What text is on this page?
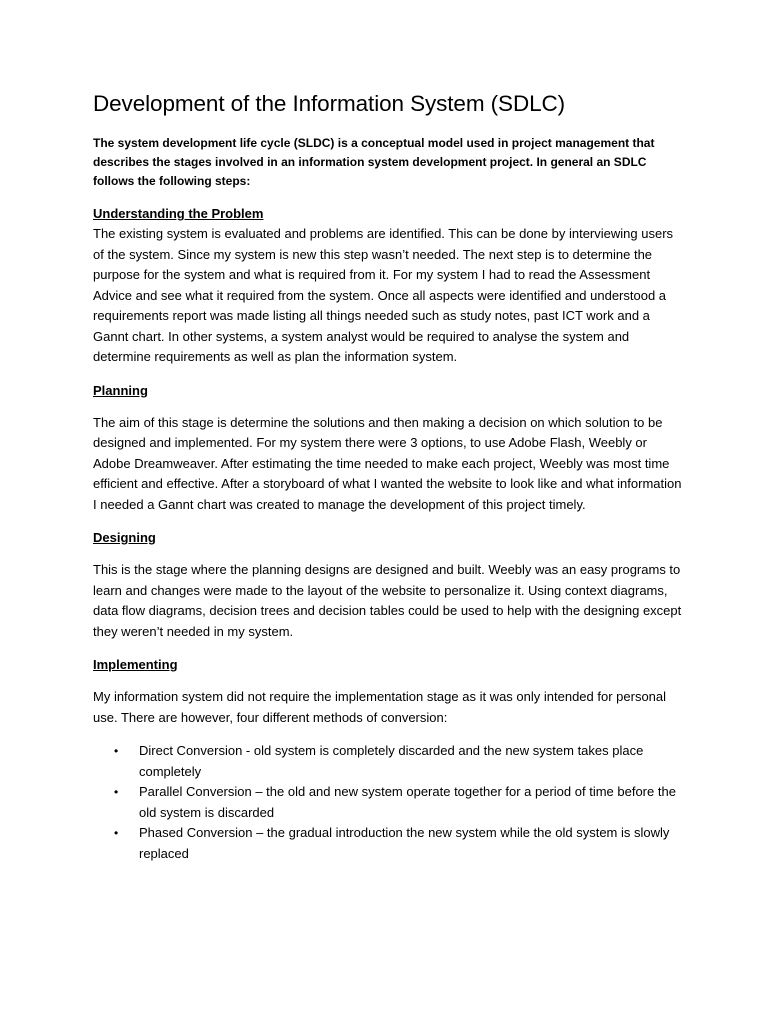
Development of the Information System (SDLC)

The system development life cycle (SLDC) is a conceptual model used in project management that describes the stages involved in an information system development project. In general an SDLC follows the following steps:

Understanding the Problem

The existing system is evaluated and problems are identified. This can be done by interviewing users of the system. Since my system is new this step wasn’t needed. The next step is to determine the purpose for the system and what is required from it. For my system I had to read the Assessment Advice and see what it required from the system. Once all aspects were identified and understood a requirements report was made listing all things needed such as study notes, past ICT work and a Gannt chart. In other systems, a system analyst would be required to analyse the system and determine requirements as well as plan the information system.

Planning

The aim of this stage is determine the solutions and then making a decision on which solution to be designed and implemented. For my system there were 3 options, to use Adobe Flash, Weebly or Adobe Dreamweaver. After estimating the time needed to make each project, Weebly was most time efficient and effective. After a storyboard of what I wanted the website to look like and what information I needed a Gannt chart was created to manage the development of this project timely.

Designing

This is the stage where the planning designs are designed and built. Weebly was an easy programs to learn and changes were made to the layout of the website to personalize it. Using context diagrams, data flow diagrams, decision trees and decision tables could be used to help with the designing except they weren’t needed in my system.

Implementing

My information system did not require the implementation stage as it was only intended for personal use. There are however, four different methods of conversion:

• Direct Conversion - old system is completely discarded and the new system takes place completely
• Parallel Conversion – the old and new system operate together for a period of time before the old system is discarded
• Phased Conversion – the gradual introduction the new system while the old system is slowly replaced
